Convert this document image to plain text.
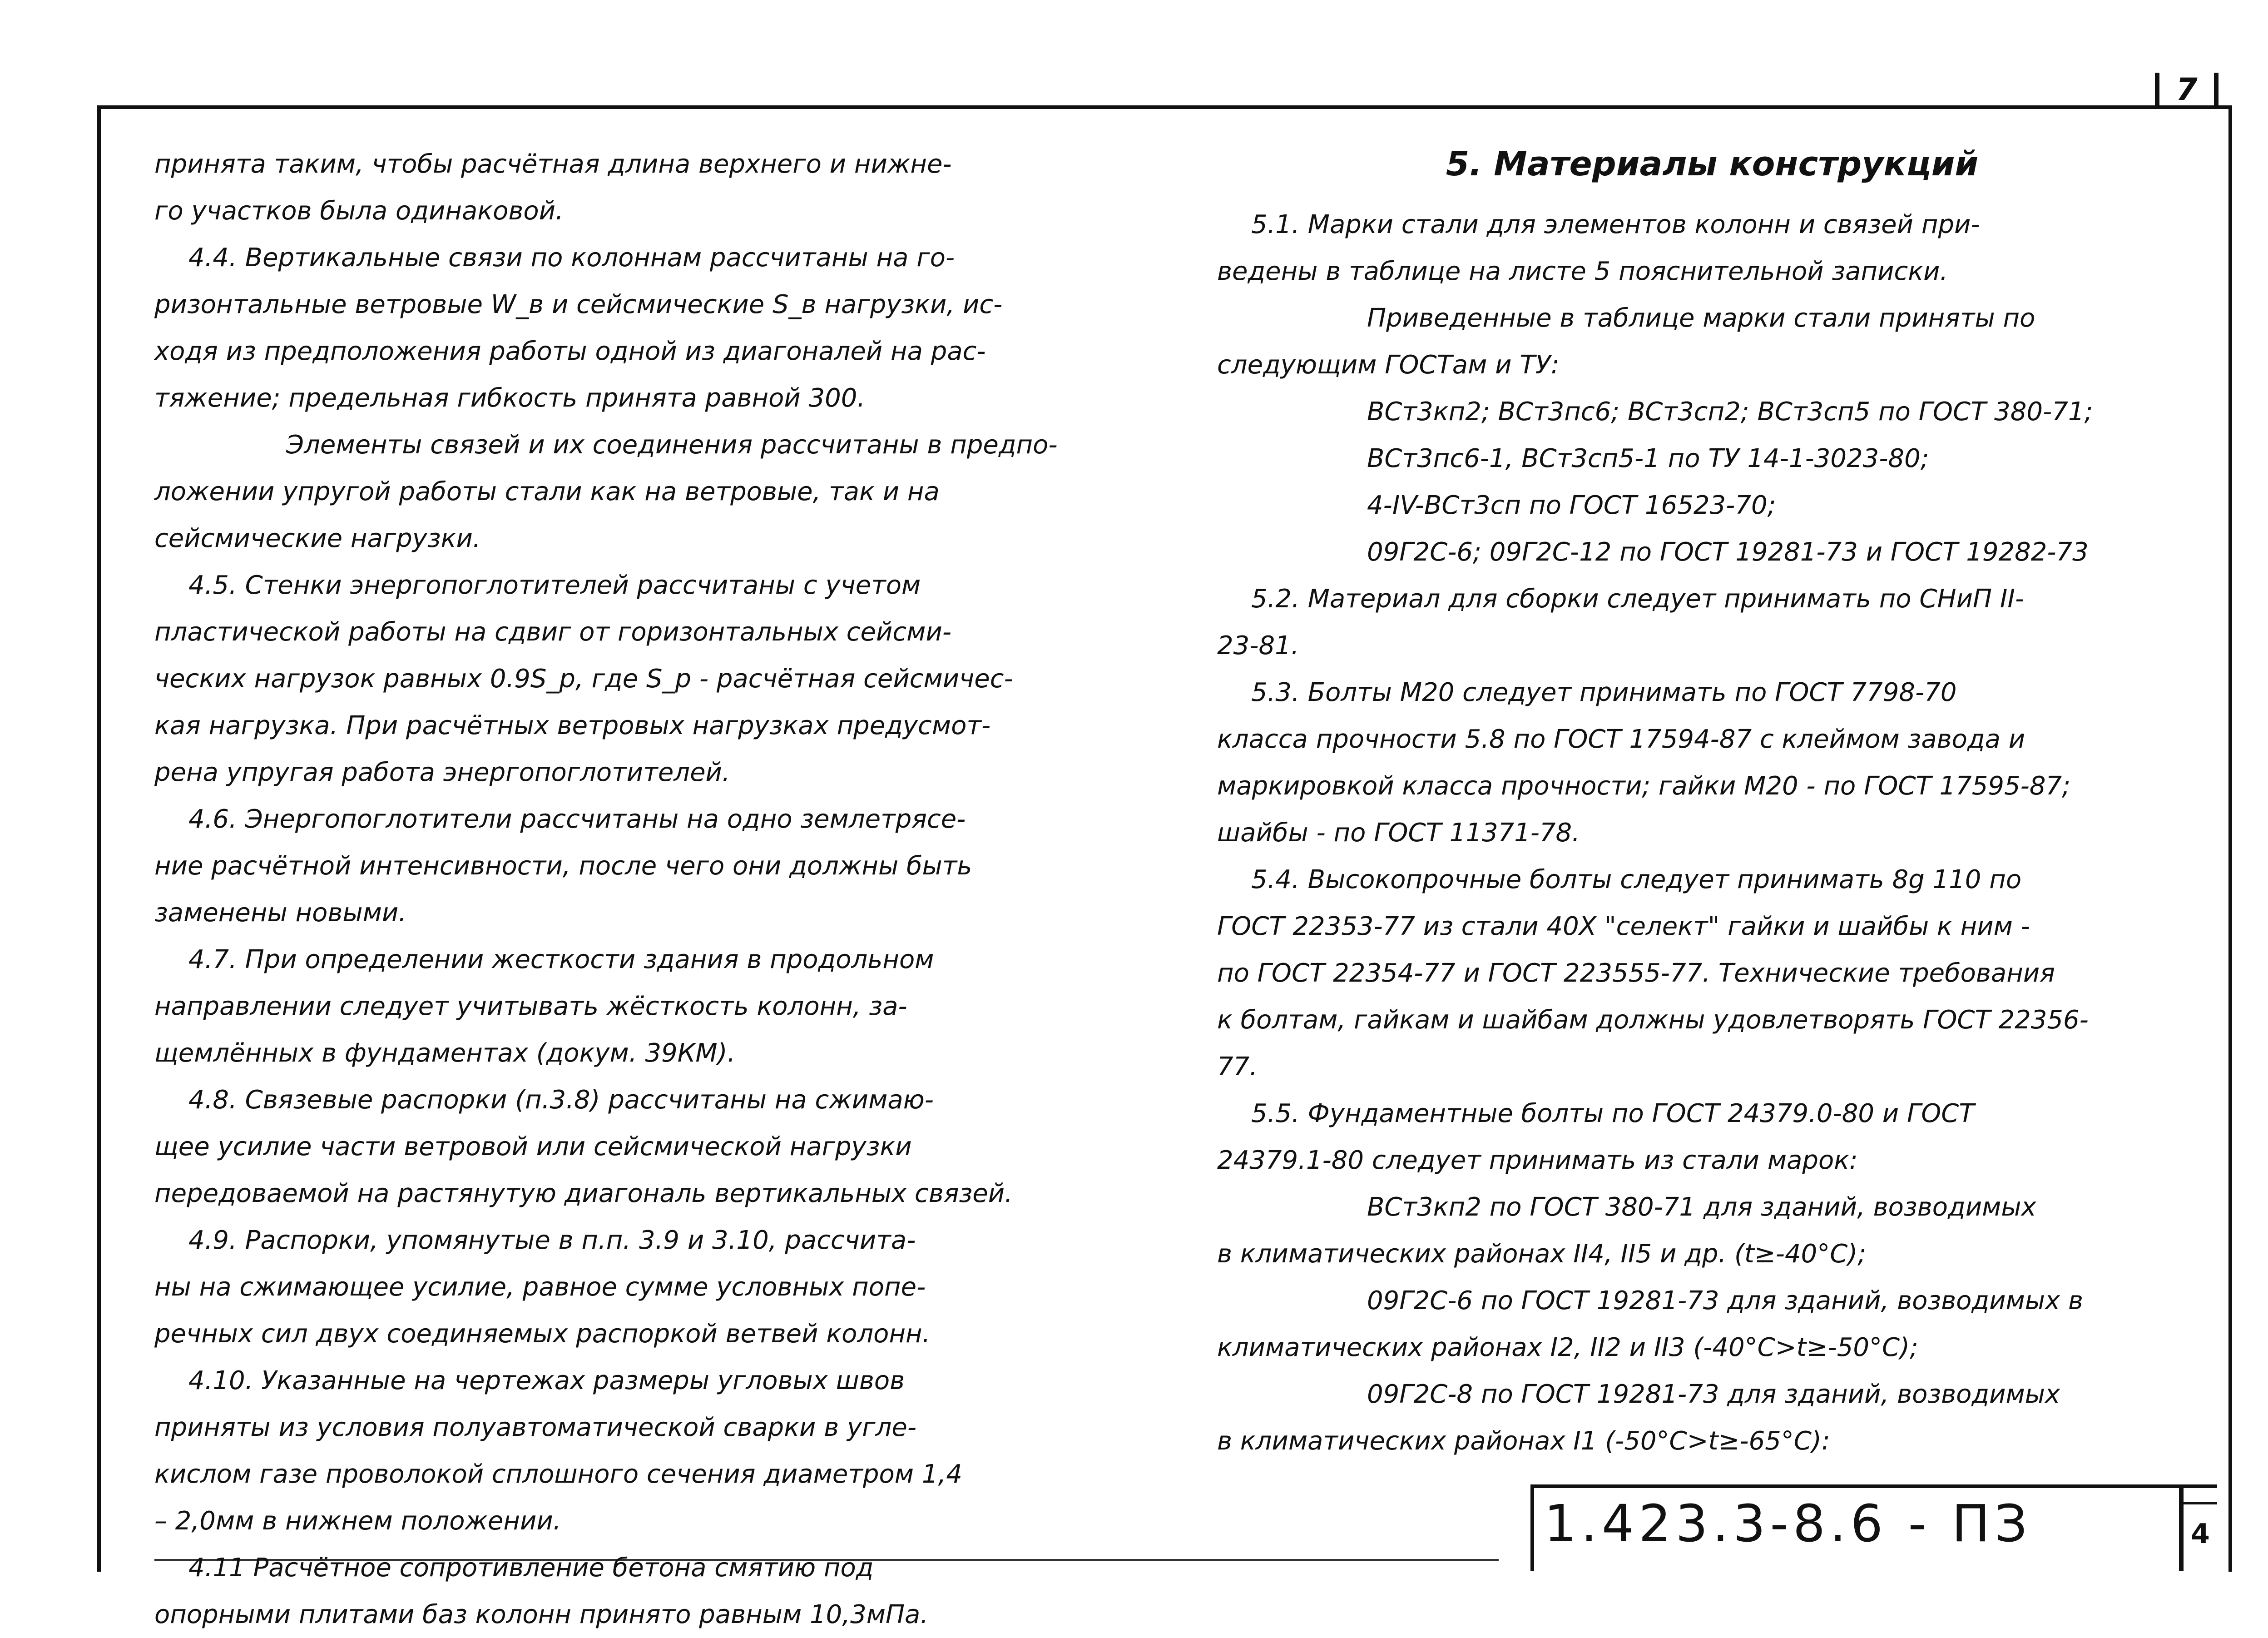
7

принята таким, чтобы расчётная длина верхнего и нижне-

го участков была одинаковой.

4.4. Вертикальные связи по колоннам рассчитаны на го-

ризонтальные ветровые W_в и сейсмические S_в нагрузки, ис-

ходя из предположения работы одной из диагоналей на рас-

тяжение; предельная гибкость принята равной 300.

Элементы связей и их соединения рассчитаны в предпо-

ложении упругой работы стали как на ветровые, так и на

сейсмические нагрузки.

4.5. Стенки энергопоглотителей рассчитаны с учетом

пластической работы на сдвиг от горизонтальных сейсми-

ческих нагрузок равных 0.9S_p, где S_p - расчётная сейсмичес-

кая нагрузка. При расчётных ветровых нагрузках предусмот-

рена упругая работа энергопоглотителей.

4.6. Энергопоглотители рассчитаны на одно землетрясе-

ние расчётной интенсивности, после чего они должны быть

заменены новыми.

4.7. При определении жесткости здания в продольном

направлении следует учитывать жёсткость колонн, за-

щемлённых в фундаментах (докум. 39КМ).

4.8. Связевые распорки (п.3.8) рассчитаны на сжимаю-

щее усилие части ветровой или сейсмической нагрузки

передоваемой на растянутую диагональ вертикальных связей.

4.9. Распорки, упомянутые в п.п. 3.9 и 3.10, рассчита-

ны на сжимающее усилие, равное сумме условных попе-

речных сил двух соединяемых распоркой ветвей колонн.

4.10. Указанные на чертежах размеры угловых швов

приняты из условия полуавтоматической сварки в угле-

кислом газе проволокой сплошного сечения диаметром 1,4

– 2,0мм в нижнем положении.

4.11 Расчётное сопротивление бетона смятию под

опорными плитами баз колонн принято равным 10,3мПа.

5. Материалы конструкций

5.1. Марки стали для элементов колонн и связей при-

ведены в таблице на листе 5 пояснительной записки.

Приведенные в таблице марки стали приняты по

следующим ГОСТам и ТУ:

ВСт3кп2; ВСт3пс6; ВСт3сп2; ВСт3сп5 по ГОСТ 380-71;

ВСт3пс6-1, ВСт3сп5-1 по ТУ 14-1-3023-80;

4-IV-ВСт3сп по ГОСТ 16523-70;

09Г2С-6; 09Г2С-12 по ГОСТ 19281-73 и ГОСТ 19282-73

5.2. Материал для сборки следует принимать по СНиП II-

23-81.

5.3. Болты М20 следует принимать по ГОСТ 7798-70

класса прочности 5.8 по ГОСТ 17594-87 с клеймом завода и

маркировкой класса прочности; гайки М20 - по ГОСТ 17595-87;

шайбы - по ГОСТ 11371-78.

5.4. Высокопрочные болты следует принимать 8g 110 по

ГОСТ 22353-77 из стали 40Х "селект" гайки и шайбы к ним -

по ГОСТ 22354-77 и ГОСТ 223555-77. Технические требования

к болтам, гайкам и шайбам должны удовлетворять ГОСТ 22356-

77.

5.5. Фундаментные болты по ГОСТ 24379.0-80 и ГОСТ

24379.1-80 следует принимать из стали марок:

ВСт3кп2 по ГОСТ 380-71 для зданий, возводимых

в климатических районах II4, II5 и др. (t≥-40°С);

09Г2С-6 по ГОСТ 19281-73 для зданий, возводимых в

климатических районах I2, II2 и II3 (-40°С>t≥-50°С);

09Г2С-8 по ГОСТ 19281-73 для зданий, возводимых

в климатических районах I1 (-50°С>t≥-65°С):

1.423.3-8.6 - ПЗ	4
